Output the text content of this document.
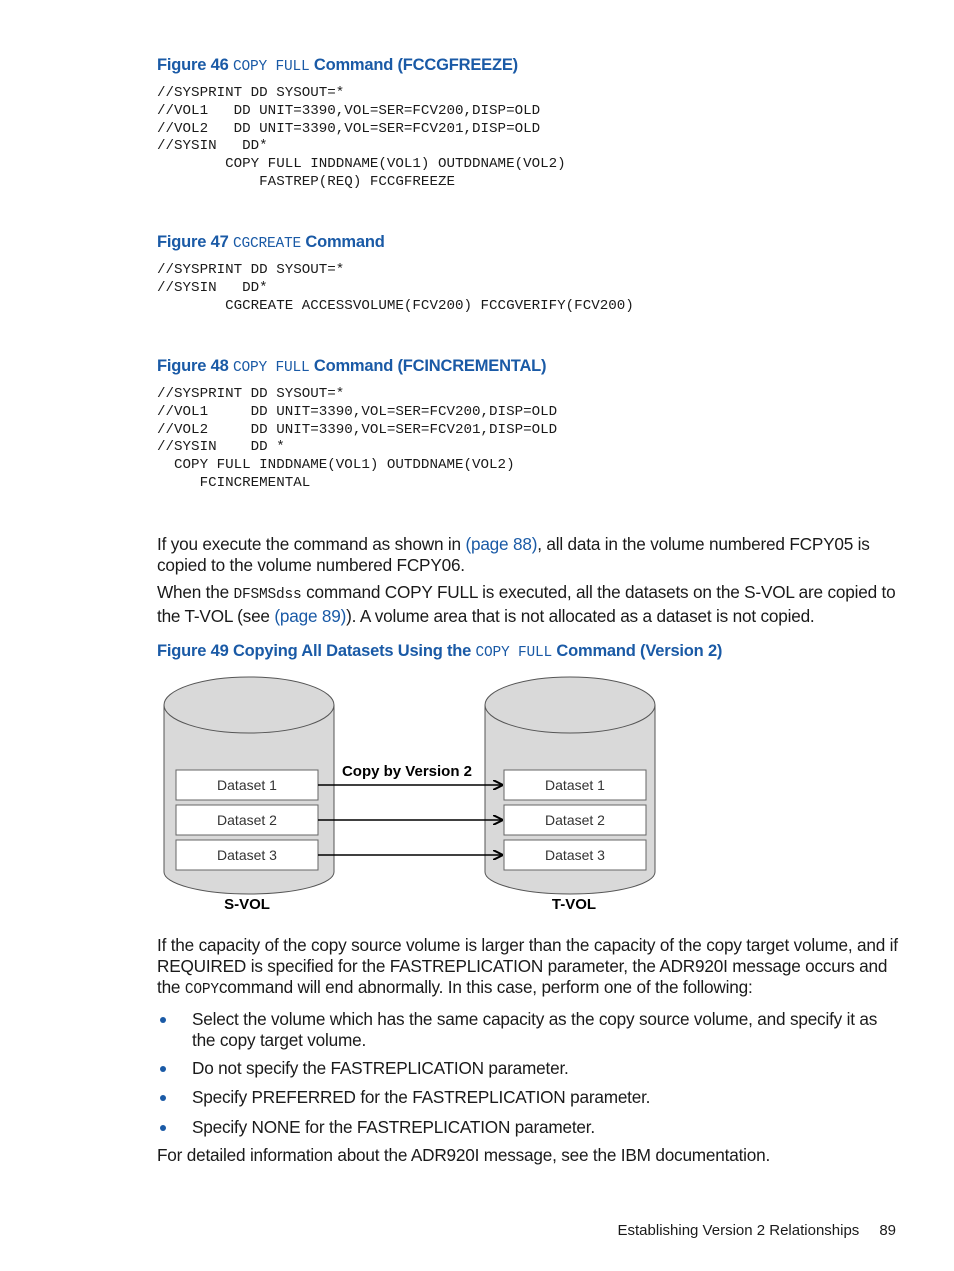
Figure 46 COPY FULL Command (FCCGFREEZE)
//SYSPRINT DD SYSOUT=*
//VOL1   DD UNIT=3390,VOL=SER=FCV200,DISP=OLD
//VOL2   DD UNIT=3390,VOL=SER=FCV201,DISP=OLD
//SYSIN   DD*
COPY FULL INDDNAME(VOL1) OUTDDNAME(VOL2)
FASTREP(REQ) FCCGFREEZE
Figure 47 CGCREATE Command
//SYSPRINT DD SYSOUT=*
//SYSIN   DD*
CGCREATE ACCESSVOLUME(FCV200) FCCGVERIFY(FCV200)
Figure 48 COPY FULL Command (FCINCREMENTAL)
//SYSPRINT DD SYSOUT=*
//VOL1     DD UNIT=3390,VOL=SER=FCV200,DISP=OLD
//VOL2     DD UNIT=3390,VOL=SER=FCV201,DISP=OLD
//SYSIN    DD *
COPY FULL INDDNAME(VOL1) OUTDDNAME(VOL2)
FCINCREMENTAL

If you execute the command as shown in (page 88), all data in the volume numbered FCPY05 is copied to the volume numbered FCPY06.

When the DFSMSdss command COPY FULL is executed, all the datasets on the S-VOL are copied to the T-VOL (see (page 89)). A volume area that is not allocated as a dataset is not copied.

Figure 49 Copying All Datasets Using the COPY FULL Command (Version 2)
Dataset 1
Dataset 2
Dataset 3
Dataset 1
Dataset 2
Dataset 3
Copy by Version 2
S-VOL	T-VOL

If the capacity of the copy source volume is larger than the capacity of the copy target volume, and if REQUIRED is specified for the FASTREPLICATION parameter, the ADR920I message occurs and the COPYcommand will end abnormally. In this case, perform one of the following:

Select the volume which has the same capacity as the copy source volume, and specify it as the copy target volume.
Do not specify the FASTREPLICATION parameter.
Specify PREFERRED for the FASTREPLICATION parameter.
Specify NONE for the FASTREPLICATION parameter.

For detailed information about the ADR920I message, see the IBM documentation.

Establishing Version 2 Relationships 89
